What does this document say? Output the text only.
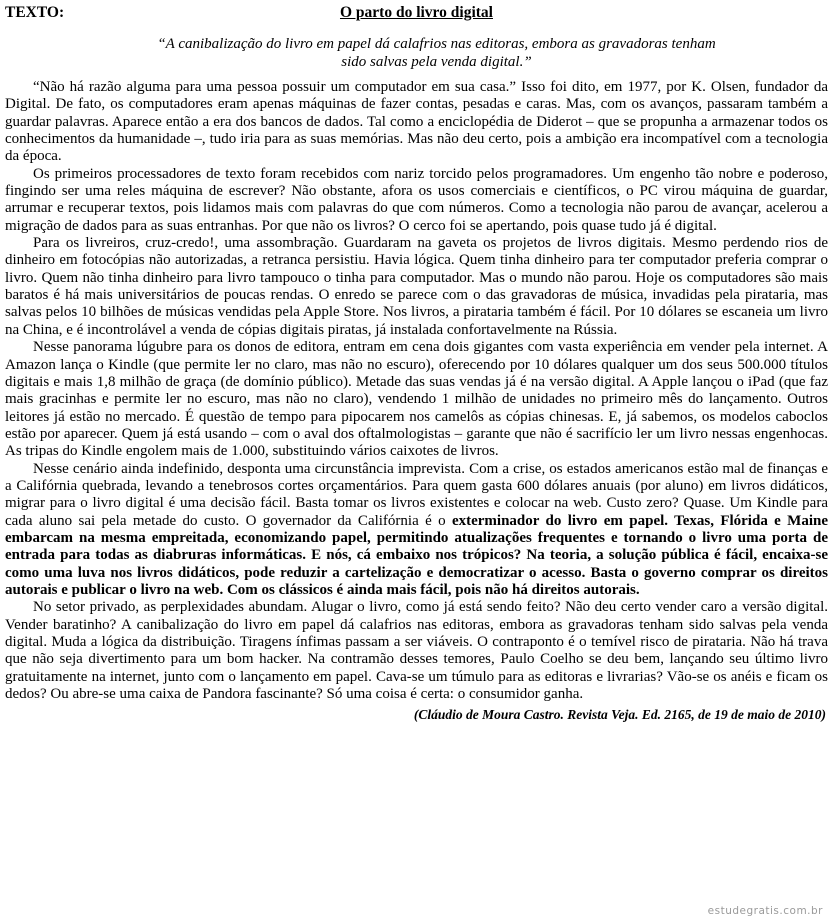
TEXTO:	O parto do livro digital
“A canibalização do livro em papel dá calafrios nas editoras, embora as gravadoras tenham sido salvas pela venda digital.”

“Não há razão alguma para uma pessoa possuir um computador em sua casa.” Isso foi dito, em 1977, por K. Olsen, fundador da Digital. De fato, os computadores eram apenas máquinas de fazer contas, pesadas e caras. Mas, com os avanços, passaram também a guardar palavras. Aparece então a era dos bancos de dados. Tal como a enciclopédia de Diderot – que se propunha a armazenar todos os conhecimentos da humanidade –, tudo iria para as suas memórias. Mas não deu certo, pois a ambição era incompatível com a tecnologia da época.

Os primeiros processadores de texto foram recebidos com nariz torcido pelos programadores. Um engenho tão nobre e poderoso, fingindo ser uma reles máquina de escrever? Não obstante, afora os usos comerciais e científicos, o PC virou máquina de guardar, arrumar e recuperar textos, pois lidamos mais com palavras do que com números. Como a tecnologia não parou de avançar, acelerou a migração de dados para as suas entranhas. Por que não os livros? O cerco foi se apertando, pois quase tudo já é digital.

Para os livreiros, cruz-credo!, uma assombração. Guardaram na gaveta os projetos de livros digitais. Mesmo perdendo rios de dinheiro em fotocópias não autorizadas, a retranca persistiu. Havia lógica. Quem tinha dinheiro para ter computador preferia comprar o livro. Quem não tinha dinheiro para livro tampouco o tinha para computador. Mas o mundo não parou. Hoje os computadores são mais baratos é há mais universitários de poucas rendas. O enredo se parece com o das gravadoras de música, invadidas pela pirataria, mas salvas pelos 10 bilhões de músicas vendidas pela Apple Store. Nos livros, a pirataria também é fácil. Por 10 dólares se escaneia um livro na China, e é incontrolável a venda de cópias digitais piratas, já instalada confortavelmente na Rússia.

Nesse panorama lúgubre para os donos de editora, entram em cena dois gigantes com vasta experiência em vender pela internet. A Amazon lança o Kindle (que permite ler no claro, mas não no escuro), oferecendo por 10 dólares qualquer um dos seus 500.000 títulos digitais e mais 1,8 milhão de graça (de domínio público). Metade das suas vendas já é na versão digital. A Apple lançou o iPad (que faz mais gracinhas e permite ler no escuro, mas não no claro), vendendo 1 milhão de unidades no primeiro mês do lançamento. Outros leitores já estão no mercado. É questão de tempo para pipocarem nos camelôs as cópias chinesas. E, já sabemos, os modelos caboclos estão por aparecer. Quem já está usando – com o aval dos oftalmologistas – garante que não é sacrifício ler um livro nessas engenhocas. As tripas do Kindle engolem mais de 1.000, substituindo vários caixotes de livros.

Nesse cenário ainda indefinido, desponta uma circunstância imprevista. Com a crise, os estados americanos estão mal de finanças e a Califórnia quebrada, levando a tenebrosos cortes orçamentários. Para quem gasta 600 dólares anuais (por aluno) em livros didáticos, migrar para o livro digital é uma decisão fácil. Basta tomar os livros existentes e colocar na web. Custo zero? Quase. Um Kindle para cada aluno sai pela metade do custo. O governador da Califórnia é o exterminador do livro em papel. Texas, Flórida e Maine embarcam na mesma empreitada, economizando papel, permitindo atualizações frequentes e tornando o livro uma porta de entrada para todas as diabruras informáticas. E nós, cá embaixo nos trópicos? Na teoria, a solução pública é fácil, encaixa-se como uma luva nos livros didáticos, pode reduzir a cartelização e democratizar o acesso. Basta o governo comprar os direitos autorais e publicar o livro na web. Com os clássicos é ainda mais fácil, pois não há direitos autorais.

No setor privado, as perplexidades abundam. Alugar o livro, como já está sendo feito? Não deu certo vender caro a versão digital. Vender baratinho? A canibalização do livro em papel dá calafrios nas editoras, embora as gravadoras tenham sido salvas pela venda digital. Muda a lógica da distribuição. Tiragens ínfimas passam a ser viáveis. O contraponto é o temível risco de pirataria. Não há trava que não seja divertimento para um bom hacker. Na contramão desses temores, Paulo Coelho se deu bem, lançando seu último livro gratuitamente na internet, junto com o lançamento em papel. Cava-se um túmulo para as editoras e livrarias? Vão-se os anéis e ficam os dedos? Ou abre-se uma caixa de Pandora fascinante? Só uma coisa é certa: o consumidor ganha.

(Cláudio de Moura Castro. Revista Veja. Ed. 2165, de 19 de maio de 2010)
estudegratis.com.br
